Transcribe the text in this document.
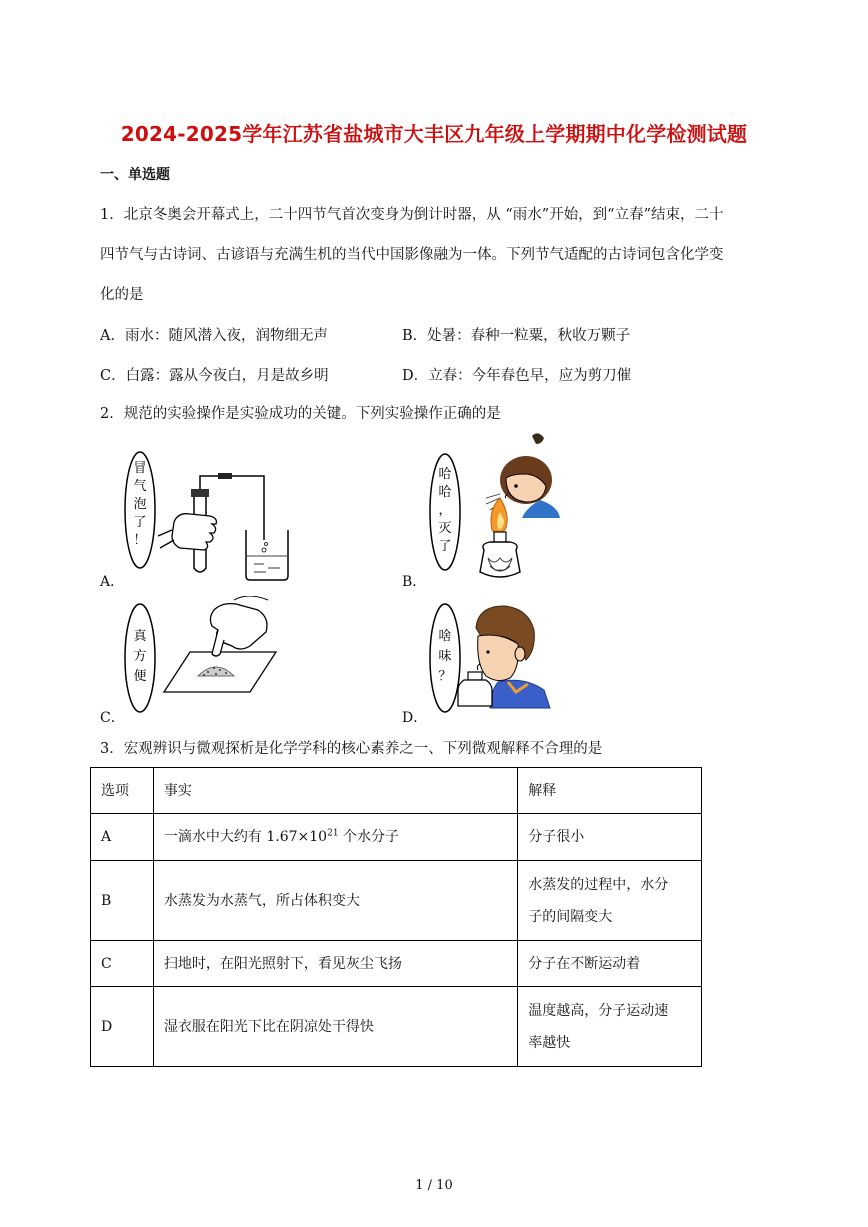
2024-2025学年江苏省盐城市大丰区九年级上学期期中化学检测试题
一、单选题
1．北京冬奥会开幕式上，二十四节气首次变身为倒计时器，从 “雨水”开始，到“立春”结束，二十
四节气与古诗词、古谚语与充满生机的当代中国影像融为一体。下列节气适配的古诗词包含化学变
化的是
A．雨水：随风潜入夜，润物细无声	B．处暑：春种一粒粟，秋收万颗子
C．白露：露从今夜白，月是故乡明	D．立春：今年春色早，应为剪刀催
2．规范的实验操作是实验成功的关键。下列实验操作正确的是
A．
冒
气
泡
了
！
B．
哈
哈
，
灭
了
C．
真
方
便
D．
啥
味
？
3．宏观辨识与微观探析是化学学科的核心素养之一、下列微观解释不合理的是
选项	事实	解释
A	一滴水中大约有 $1.67\times 10^{21}$ 个水分子	分子很小
B	水蒸发为水蒸气，所占体积变大	水蒸发的过程中，水分
子的间隔变大

C	扫地时，在阳光照射下，看见灰尘飞扬	分子在不断运动着
D	湿衣服在阳光下比在阴凉处干得快	温度越高，分子运动速
率越快
1 / 10
